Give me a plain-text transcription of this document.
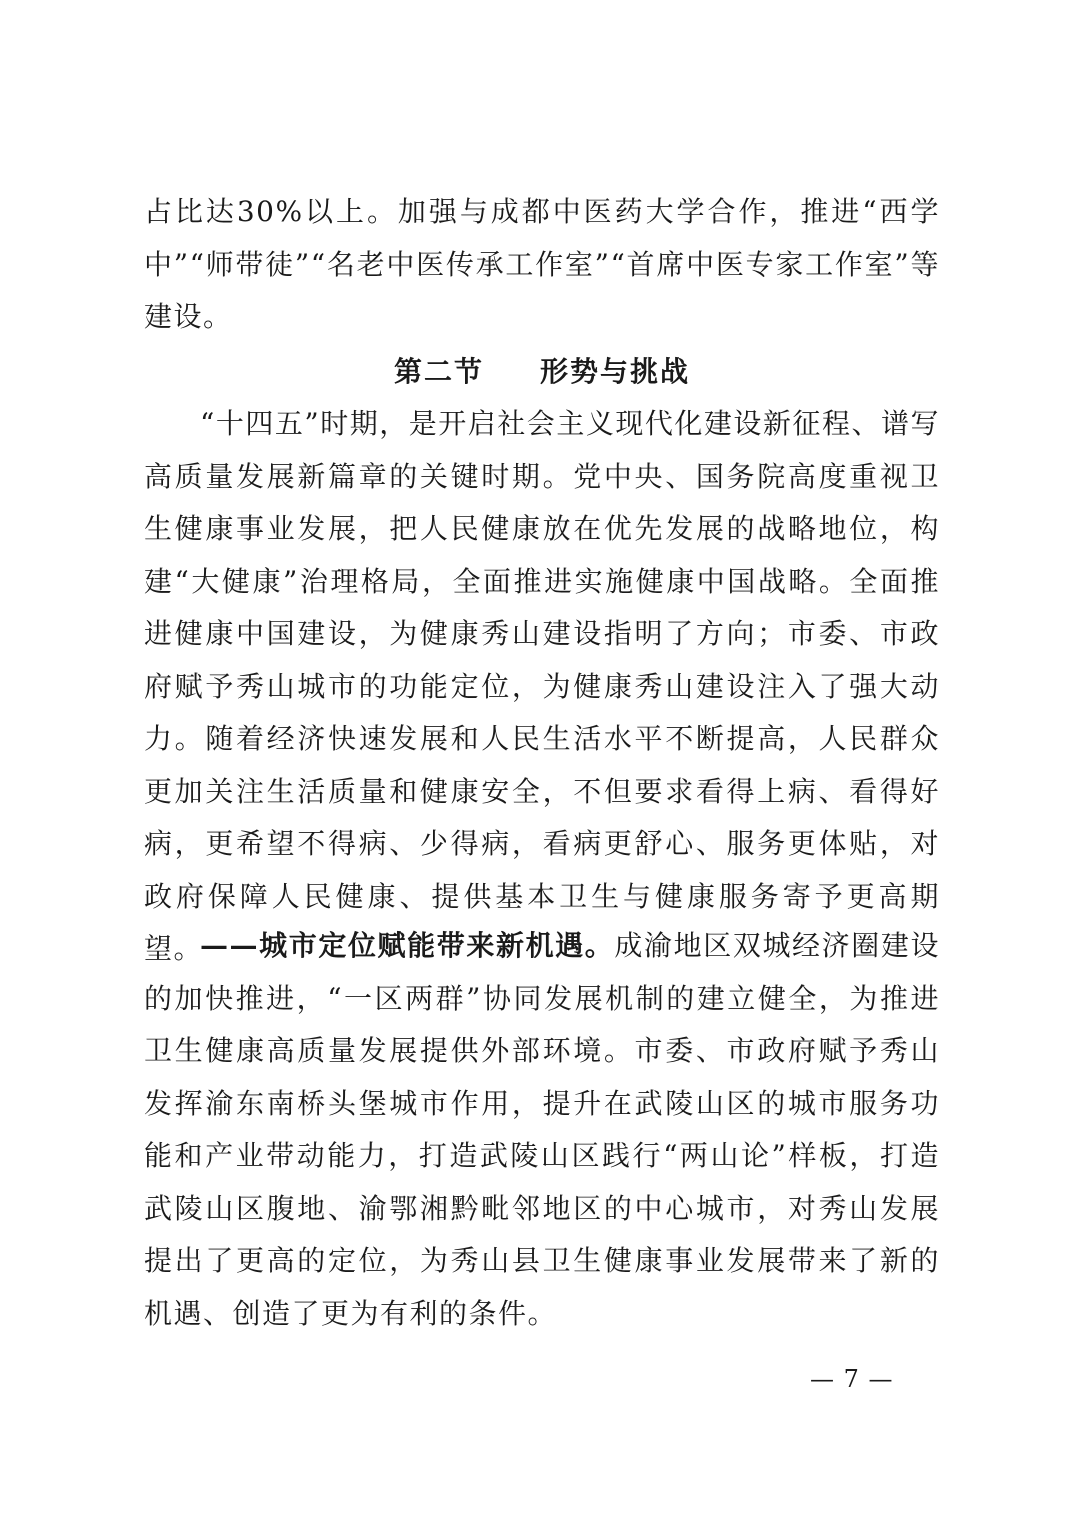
占比达30%以上。加强与成都中医药大学合作，推进“西学中”“师带徒”“名老中医传承工作室”“首席中医专家工作室”等建设。

第二节 形势与挑战

“十四五”时期，是开启社会主义现代化建设新征程、谱写高质量发展新篇章的关键时期。党中央、国务院高度重视卫生健康事业发展，把人民健康放在优先发展的战略地位，构建“大健康”治理格局，全面推进实施健康中国战略。全面推进健康中国建设，为健康秀山建设指明了方向；市委、市政府赋予秀山城市的功能定位，为健康秀山建设注入了强大动力。随着经济快速发展和人民生活水平不断提高，人民群众更加关注生活质量和健康安全，不但要求看得上病、看得好病，更希望不得病、少得病，看病更舒心、服务更体贴，对政府保障人民健康、提供基本卫生与健康服务寄予更高期望。

——城市定位赋能带来新机遇。成渝地区双城经济圈建设的加快推进，“一区两群”协同发展机制的建立健全，为推进卫生健康高质量发展提供外部环境。市委、市政府赋予秀山发挥渝东南桥头堡城市作用，提升在武陵山区的城市服务功能和产业带动能力，打造武陵山区践行“两山论”样板，打造武陵山区腹地、渝鄂湘黔毗邻地区的中心城市，对秀山发展提出了更高的定位，为秀山县卫生健康事业发展带来了新的机遇、创造了更为有利的条件。

— 7 —
